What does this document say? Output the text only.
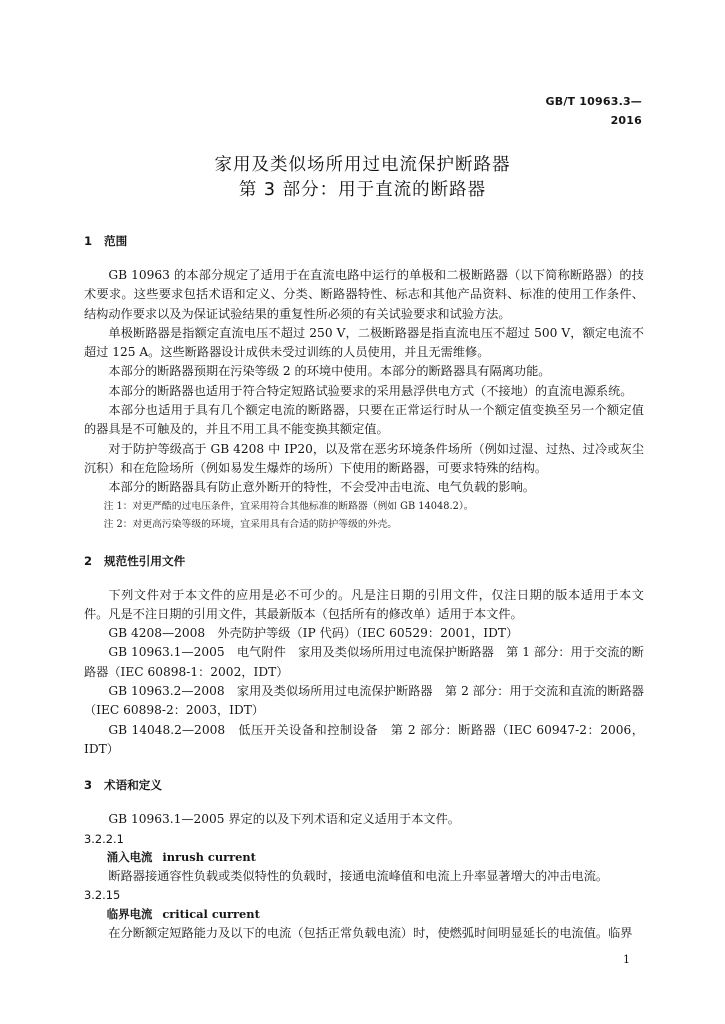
GB/T 10963.3—2016
家用及类似场所用过电流保护断路器
第 3 部分：用于直流的断路器
1 范围

GB 10963 的本部分规定了适用于在直流电路中运行的单极和二极断路器（以下简称断路器）的技术要求。这些要求包括术语和定义、分类、断路器特性、标志和其他产品资料、标准的使用工作条件、结构动作要求以及为保证试验结果的重复性所必须的有关试验要求和试验方法。

单极断路器是指额定直流电压不超过 250 V，二极断路器是指直流电压不超过 500 V，额定电流不超过 125 A。这些断路器设计成供未受过训练的人员使用，并且无需维修。

本部分的断路器预期在污染等级 2 的环境中使用。本部分的断路器具有隔离功能。

本部分的断路器也适用于符合特定短路试验要求的采用悬浮供电方式（不接地）的直流电源系统。

本部分也适用于具有几个额定电流的断路器，只要在正常运行时从一个额定值变换至另一个额定值的器具是不可触及的，并且不用工具不能变换其额定值。

对于防护等级高于 GB 4208 中 IP20，以及常在恶劣环境条件场所（例如过湿、过热、过冷或灰尘沉积）和在危险场所（例如易发生爆炸的场所）下使用的断路器，可要求特殊的结构。

本部分的断路器具有防止意外断开的特性，不会受冲击电流、电气负载的影响。

注 1：对更严酷的过电压条件，宜采用符合其他标准的断路器（例如 GB 14048.2）。

注 2：对更高污染等级的环境，宜采用具有合适的防护等级的外壳。

2 规范性引用文件

下列文件对于本文件的应用是必不可少的。凡是注日期的引用文件，仅注日期的版本适用于本文件。凡是不注日期的引用文件，其最新版本（包括所有的修改单）适用于本文件。

GB 4208—2008　外壳防护等级（IP 代码）（IEC 60529：2001，IDT）

GB 10963.1—2005　电气附件　家用及类似场所用过电流保护断路器　第 1 部分：用于交流的断路器（IEC 60898-1：2002，IDT）

GB 10963.2—2008　家用及类似场所用过电流保护断路器　第 2 部分：用于交流和直流的断路器（IEC 60898-2：2003，IDT）

GB 14048.2—2008　低压开关设备和控制设备　第 2 部分：断路器（IEC 60947-2：2006，IDT）

3 术语和定义

GB 10963.1—2005 界定的以及下列术语和定义适用于本文件。

3.2.2.1

涌入电流 inrush current

断路器接通容性负载或类似特性的负载时，接通电流峰值和电流上升率显著增大的冲击电流。

3.2.15

临界电流 critical current

在分断额定短路能力及以下的电流（包括正常负载电流）时，使燃弧时间明显延长的电流值。临界

1
